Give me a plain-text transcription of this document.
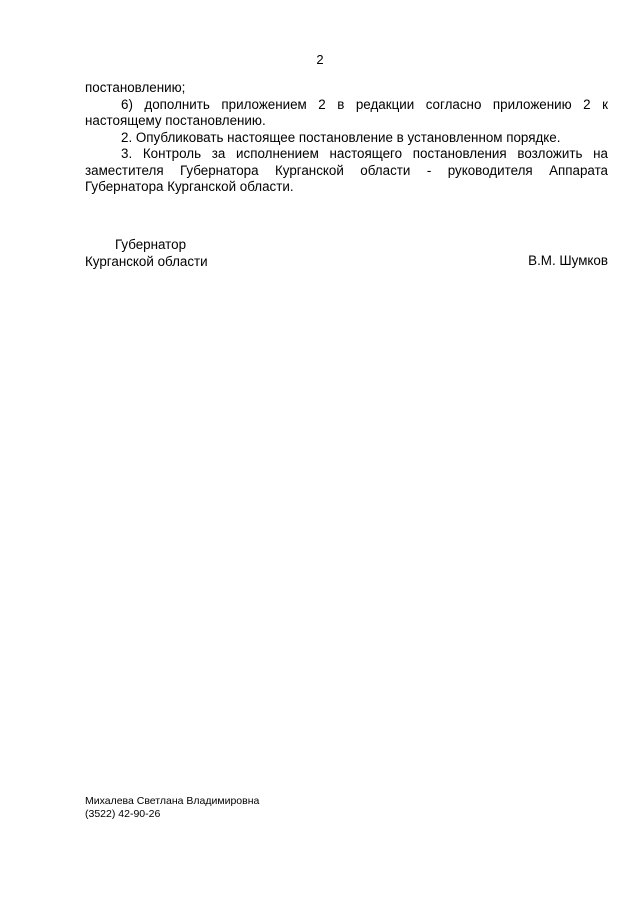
2

постановлению;

6) дополнить приложением 2 в редакции согласно приложению 2 к настоящему постановлению.

2. Опубликовать настоящее постановление в установленном порядке.

3. Контроль за исполнением настоящего постановления возложить на заместителя Губернатора Курганской области - руководителя Аппарата Губернатора Курганской области.

Губернатор
Курганской области	В.М. Шумков
Михалева Светлана Владимировна
(3522) 42-90-26
